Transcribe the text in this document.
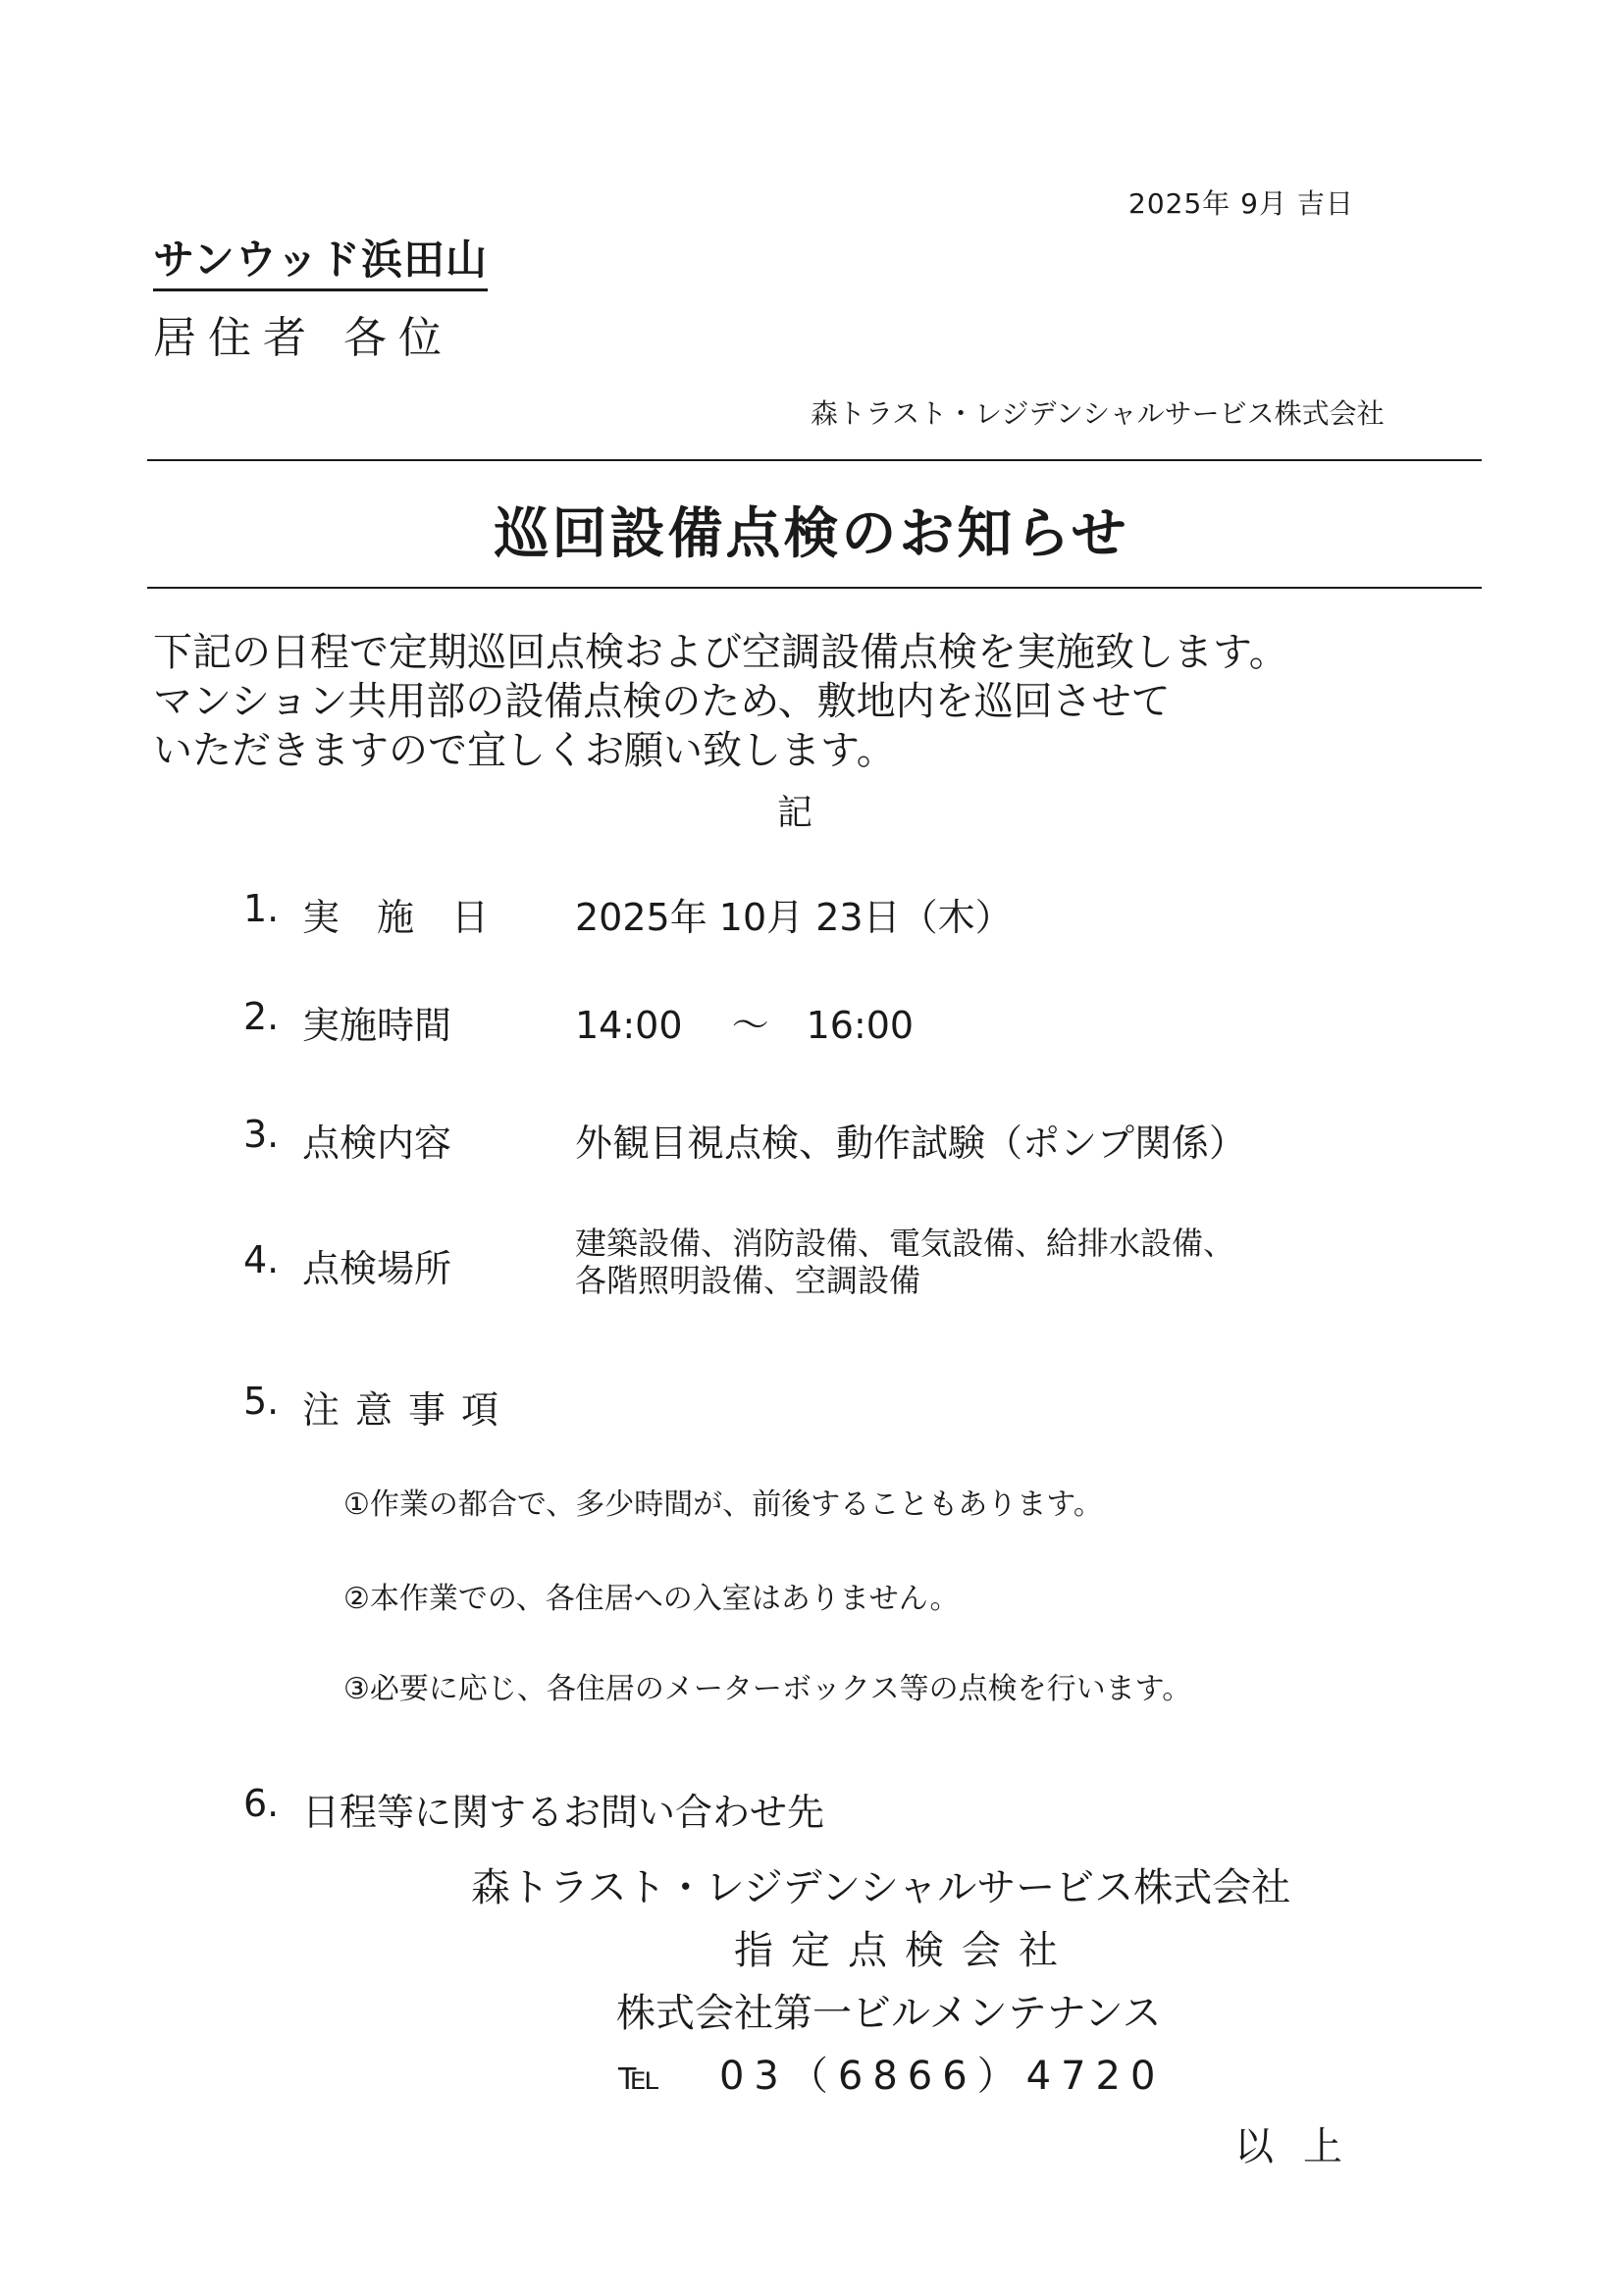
2025年 9月 吉日
サンウッド浜田山
居住者 各位
森トラスト・レジデンシャルサービス株式会社
巡回設備点検のお知らせ
下記の日程で定期巡回点検および空調設備点検を実施致します。
マンション共用部の設備点検のため、敷地内を巡回させて
いただきますので宜しくお願い致します。
記
1. 実施日 2025年 10月 23日（木）
2. 実施時間	14:00　 ～　16:00
3. 点検内容	外観目視点検、動作試験（ポンプ関係）
4. 点検場所
建築設備、消防設備、電気設備、給排水設備、
各階照明設備、空調設備
5. 注意事項
①作業の都合で、多少時間が、前後することもあります。
②本作業での、各住居への入室はありません。
③必要に応じ、各住居のメーターボックス等の点検を行います。
6. 日程等に関するお問い合わせ先
森トラスト・レジデンシャルサービス株式会社
指定点検会社
株式会社第一ビルメンテナンス
℡　03（6866）4720
以上
